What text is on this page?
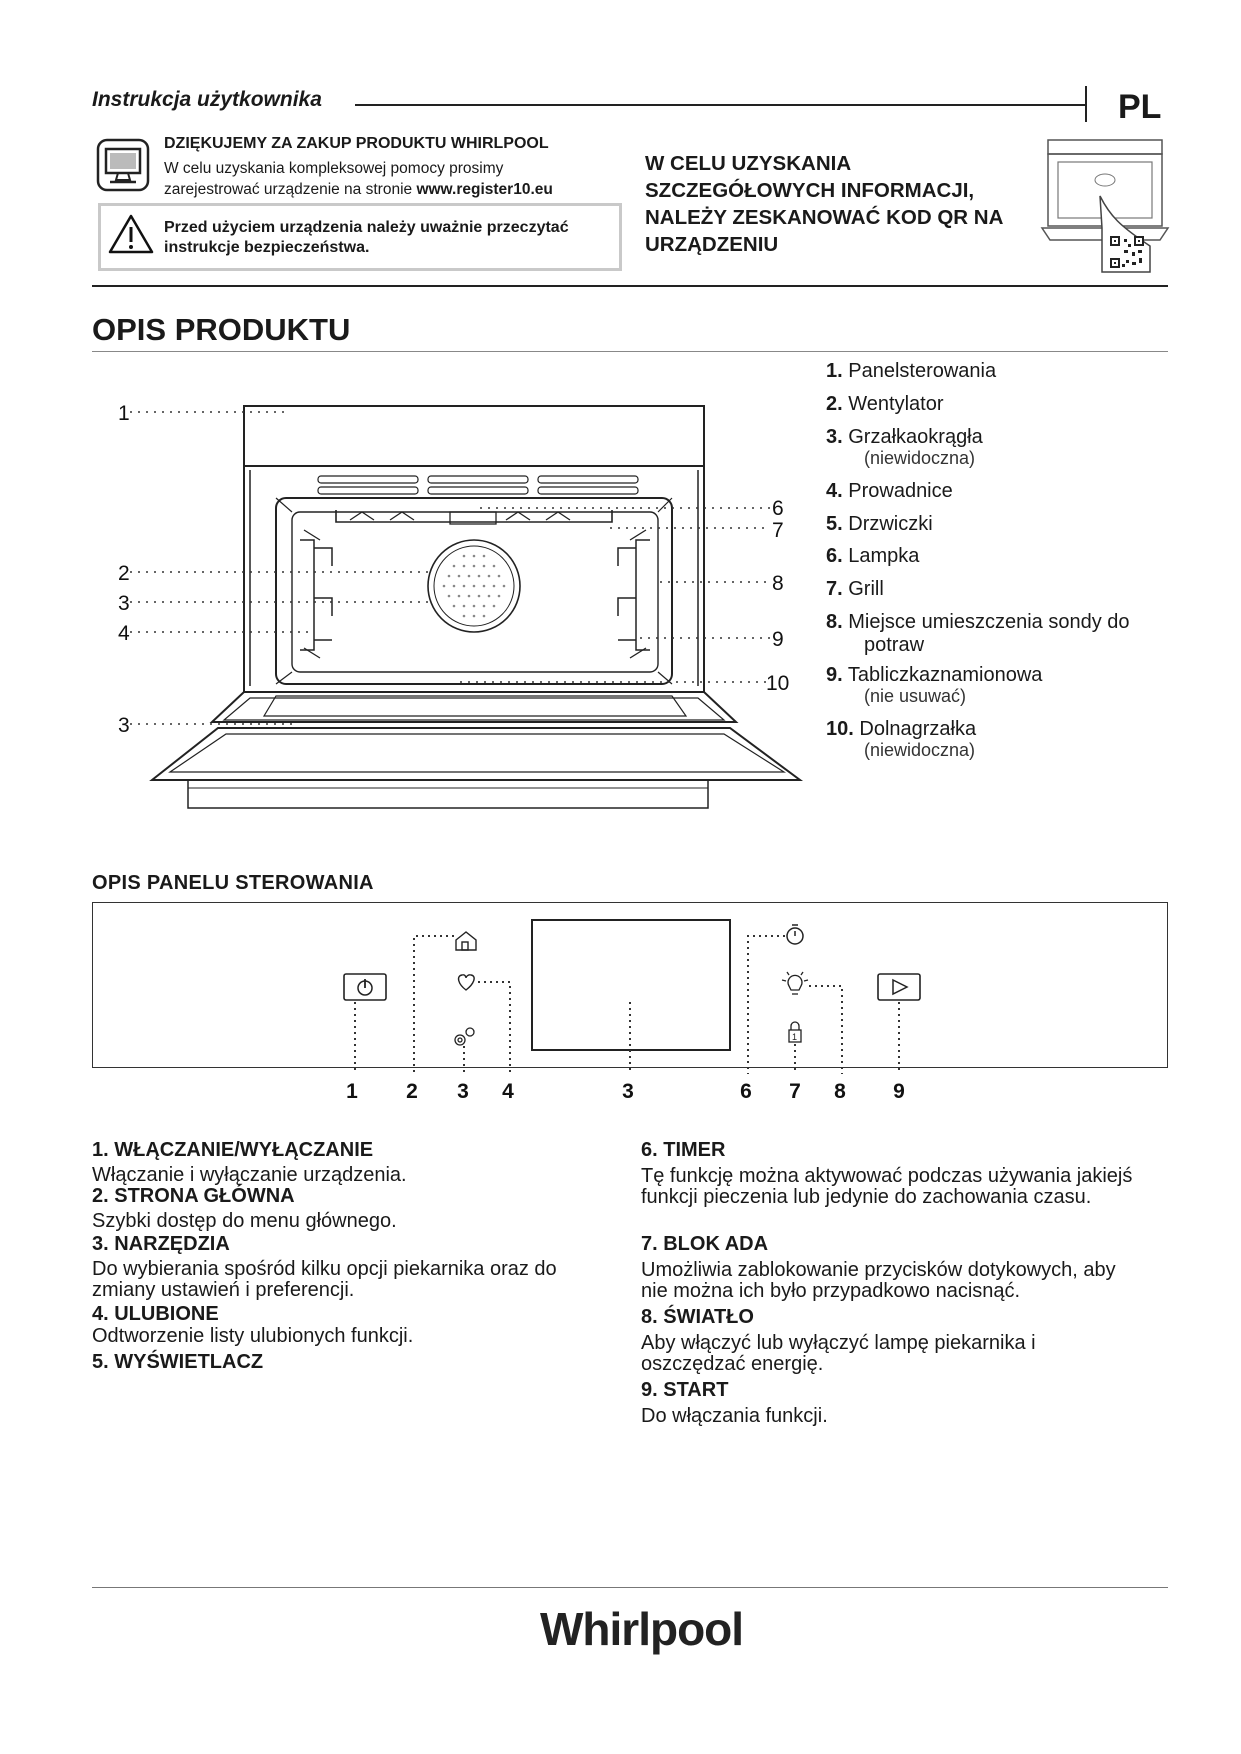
Instrukcja użytkownika	PL
DZIĘKUJEMY ZA ZAKUP PRODUKTU WHIRLPOOL
W celu uzyskania kompleksowej pomocy prosimy
zarejestrować urządzenie na stronie www.register10.eu
Przed użyciem urządzenia należy uważnie przeczytać
instrukcje bezpieczeństwa.
W CELU UZYSKANIA
SZCZEGÓŁOWYCH INFORMACJI,
NALEŻY ZESKANOWAĆ KOD QR NA
URZĄDZENIU
OPIS PRODUKTU
1
2
3
4
3
6
7
8
9
10
1. Panelsterowania
2. Wentylator
3. Grzałkaokrągła
(niewidoczna)
4. Prowadnice
5. Drzwiczki
6. Lampka
7. Grill
8. Miejsce umieszczenia sondy do
potraw
9. Tabliczkaznamionowa
(nie usuwać)
10. Dolnagrzałka
(niewidoczna)
OPIS PANELU STEROWANIA
1
1 2 3 4	3	6 7 8 9
1. WŁĄCZANIE/WYŁĄCZANIE
Włączanie i wyłączanie urządzenia.
2. STRONA GŁÓWNA
Szybki dostęp do menu głównego.
3. NARZĘDZIA
Do wybierania spośród kilku opcji piekarnika oraz do zmiany ustawień i preferencji.
4. ULUBIONE
Odtworzenie listy ulubionych funkcji.
5. WYŚWIETLACZ
6. TIMER
Tę funkcję można aktywować podczas używania jakiejś funkcji pieczenia lub jedynie do zachowania czasu.
7. BLOK ADA
Umożliwia zablokowanie przycisków dotykowych, aby nie można ich było przypadkowo nacisnąć.
8. ŚWIATŁO
Aby włączyć lub wyłączyć lampę piekarnika i oszczędzać energię.
9. START
Do włączania funkcji.
Whirlpool
